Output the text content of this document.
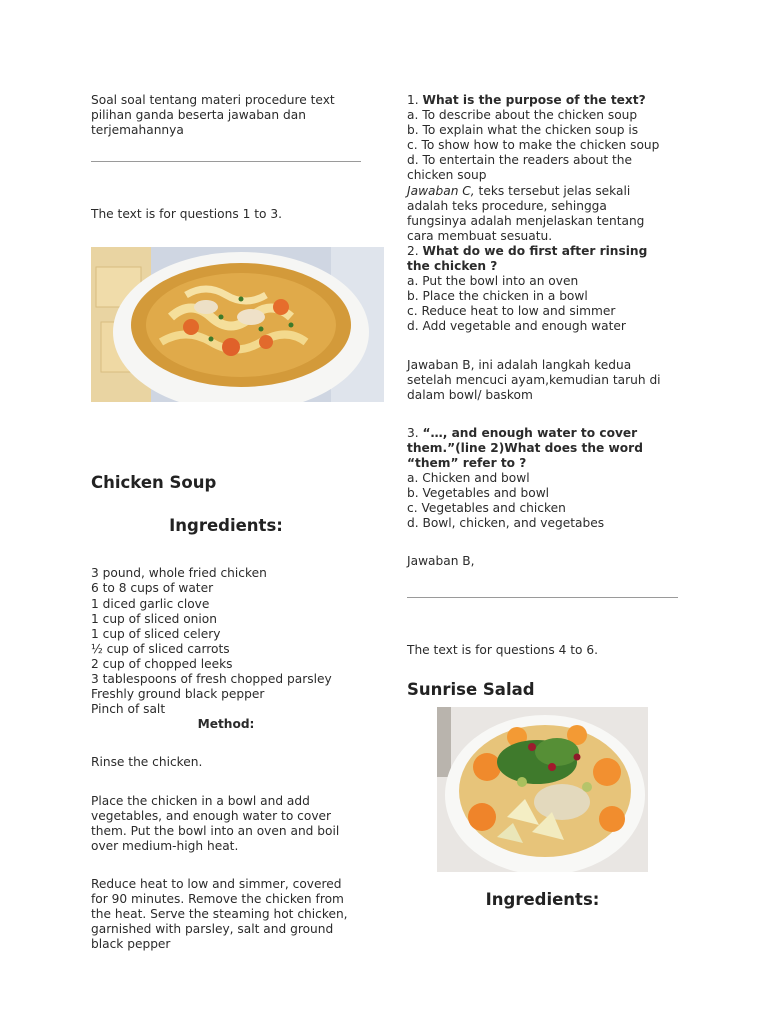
Soal soal tentang materi procedure text
pilihan ganda beserta jawaban dan
terjemahannya
The text is for questions 1 to 3.
Chicken Soup
Ingredients:
3 pound, whole fried chicken
6 to 8 cups of water
1 diced garlic clove
1 cup of sliced onion
1 cup of sliced celery
½ cup of sliced carrots
2 cup of chopped leeks
3 tablespoons of fresh chopped parsley
Freshly ground black pepper
Pinch of salt
Method:
Rinse the chicken.
Place the chicken in a bowl and add
vegetables, and enough water to cover
them. Put the bowl into an oven and boil
over medium-high heat.
Reduce heat to low and simmer, covered
for 90 minutes. Remove the chicken from
the heat. Serve the steaming hot chicken,
garnished with parsley, salt and ground
black pepper
1. What is the purpose of the text?
a. To describe about the chicken soup
b. To explain what the chicken soup is
c. To show how to make the chicken soup
d. To entertain the readers about the
chicken soup
Jawaban C, teks tersebut jelas sekali
adalah teks procedure, sehingga
fungsinya adalah menjelaskan tentang
cara membuat sesuatu.
2. What do we do first after rinsing
the chicken ?
a. Put the bowl into an oven
b. Place the chicken in a bowl
c. Reduce heat to low and simmer
d. Add vegetable and enough water
Jawaban B, ini adalah langkah kedua
setelah mencuci ayam,kemudian taruh di
dalam bowl/ baskom
3. “…, and enough water to cover
them.”(line 2)What does the word
“them” refer to ?
a. Chicken and bowl
b. Vegetables and bowl
c. Vegetables and chicken
d. Bowl, chicken, and vegetabes
Jawaban B,
The text is for questions 4 to 6.
Sunrise Salad
Ingredients:
